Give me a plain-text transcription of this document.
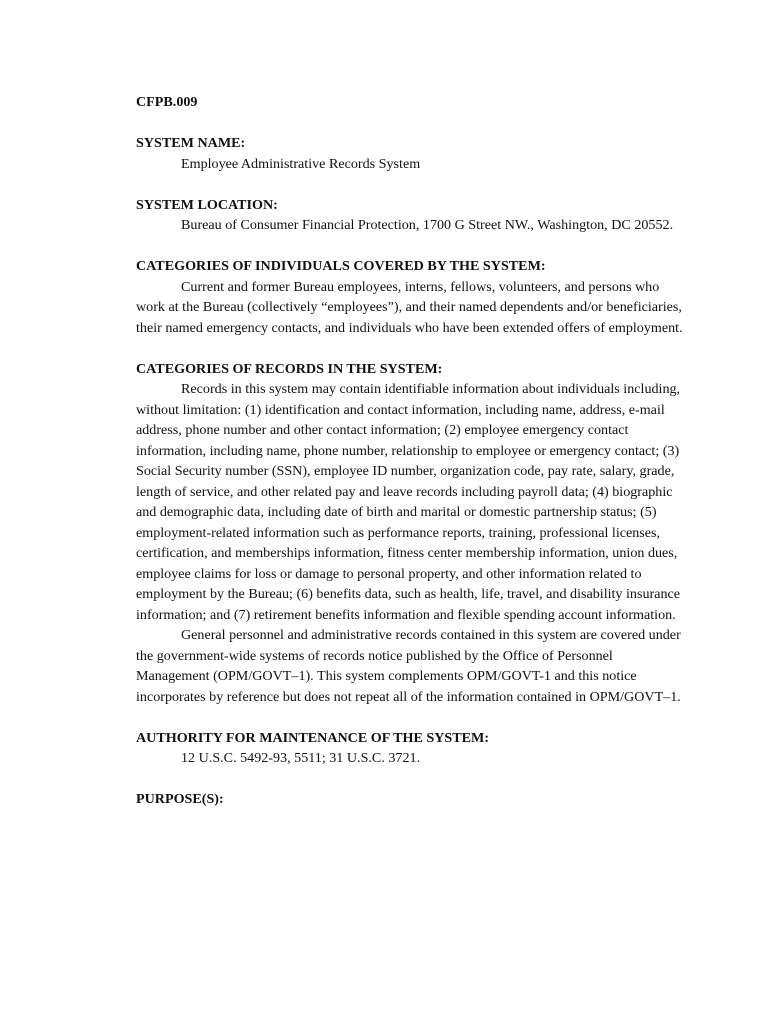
CFPB.009

SYSTEM NAME:

Employee Administrative Records System

SYSTEM LOCATION:

Bureau of Consumer Financial Protection, 1700 G Street NW., Washington, DC 20552.

CATEGORIES OF INDIVIDUALS COVERED BY THE SYSTEM:

Current and former Bureau employees, interns, fellows, volunteers, and persons who work at the Bureau (collectively “employees”), and their named dependents and/or beneficiaries, their named emergency contacts, and individuals who have been extended offers of employment.

CATEGORIES OF RECORDS IN THE SYSTEM:

Records in this system may contain identifiable information about individuals including, without limitation: (1) identification and contact information, including name, address, e-mail address, phone number and other contact information; (2) employee emergency contact information, including name, phone number, relationship to employee or emergency contact; (3) Social Security number (SSN), employee ID number, organization code, pay rate, salary, grade, length of service, and other related pay and leave records including payroll data; (4) biographic and demographic data, including date of birth and marital or domestic partnership status; (5) employment-related information such as performance reports, training, professional licenses, certification, and memberships information, fitness center membership information, union dues, employee claims for loss or damage to personal property, and other information related to employment by the Bureau; (6) benefits data, such as health, life, travel, and disability insurance information; and (7) retirement benefits information and flexible spending account information.

General personnel and administrative records contained in this system are covered under the government-wide systems of records notice published by the Office of Personnel Management (OPM/GOVT–1). This system complements OPM/GOVT-1 and this notice incorporates by reference but does not repeat all of the information contained in OPM/GOVT–1.

AUTHORITY FOR MAINTENANCE OF THE SYSTEM:

12 U.S.C. 5492-93, 5511; 31 U.S.C. 3721.

PURPOSE(S):
